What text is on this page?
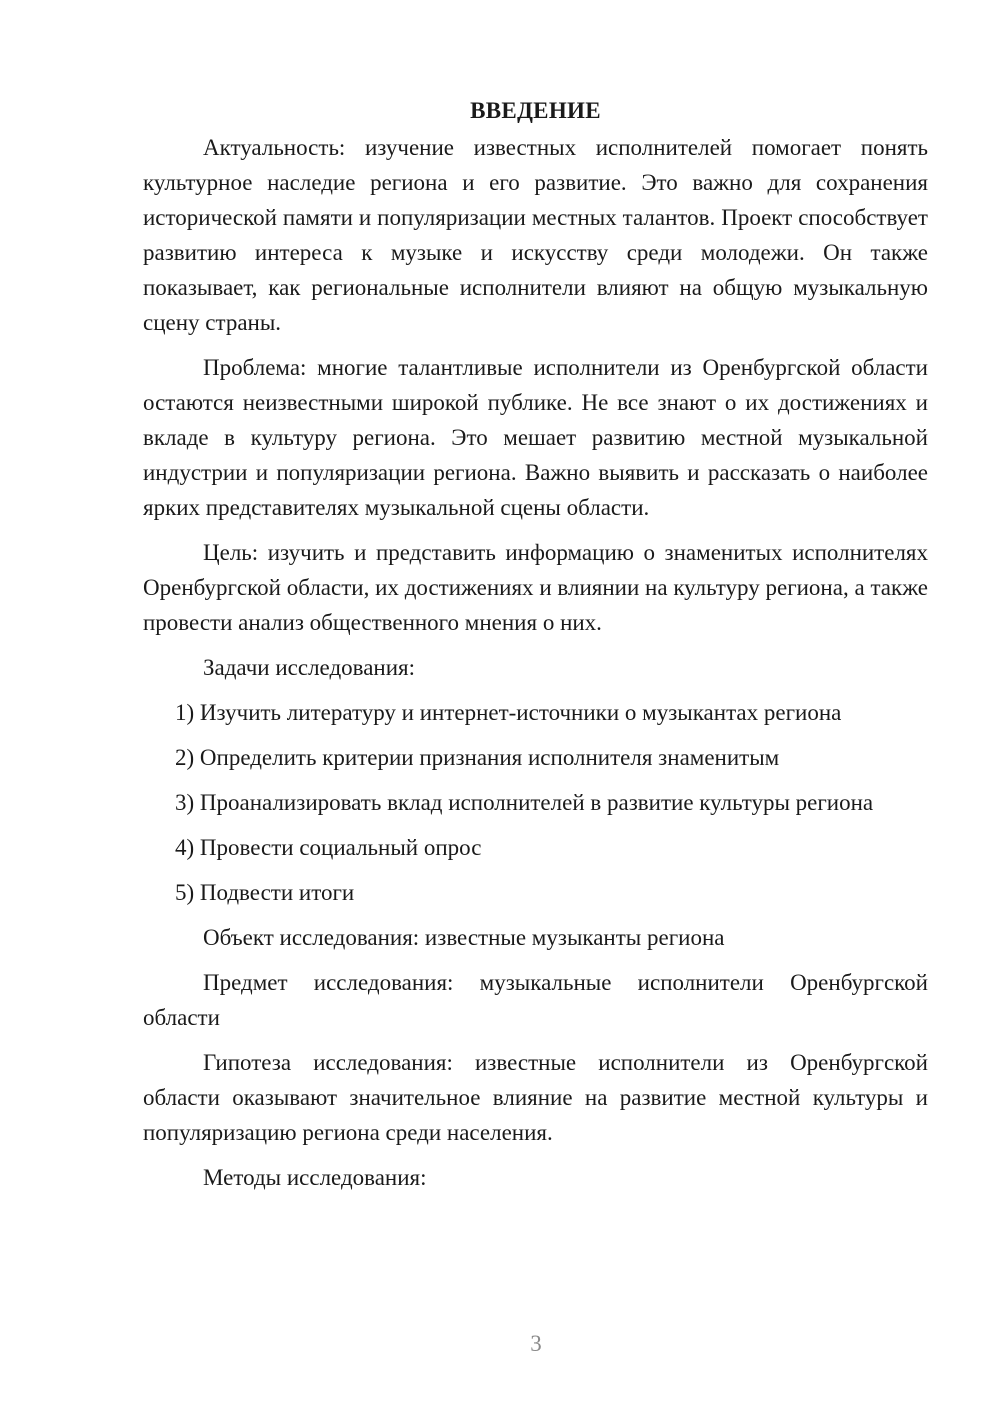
ВВЕДЕНИЕ

Актуальность: изучение известных исполнителей помогает понять культурное наследие региона и его развитие. Это важно для сохранения исторической памяти и популяризации местных талантов. Проект способствует развитию интереса к музыке и искусству среди молодежи. Он также показывает, как региональные исполнители влияют на общую музыкальную сцену страны.

Проблема: многие талантливые исполнители из Оренбургской области остаются неизвестными широкой публике. Не все знают о их достижениях и вкладе в культуру региона. Это мешает развитию местной музыкальной индустрии и популяризации региона. Важно выявить и рассказать о наиболее ярких представителях музыкальной сцены области.

Цель: изучить и представить информацию о знаменитых исполнителях Оренбургской области, их достижениях и влиянии на культуру региона, а также провести анализ общественного мнения о них.

Задачи исследования:

1) Изучить литературу и интернет-источники о музыкантах региона

2) Определить критерии признания исполнителя знаменитым

3) Проанализировать вклад исполнителей в развитие культуры региона

4) Провести социальный опрос

5) Подвести итоги

Объект исследования: известные музыканты региона

Предмет исследования: музыкальные исполнители Оренбургской области

Гипотеза исследования: известные исполнители из Оренбургской области оказывают значительное влияние на развитие местной культуры и популяризацию региона среди населения.

Методы исследования:

3
